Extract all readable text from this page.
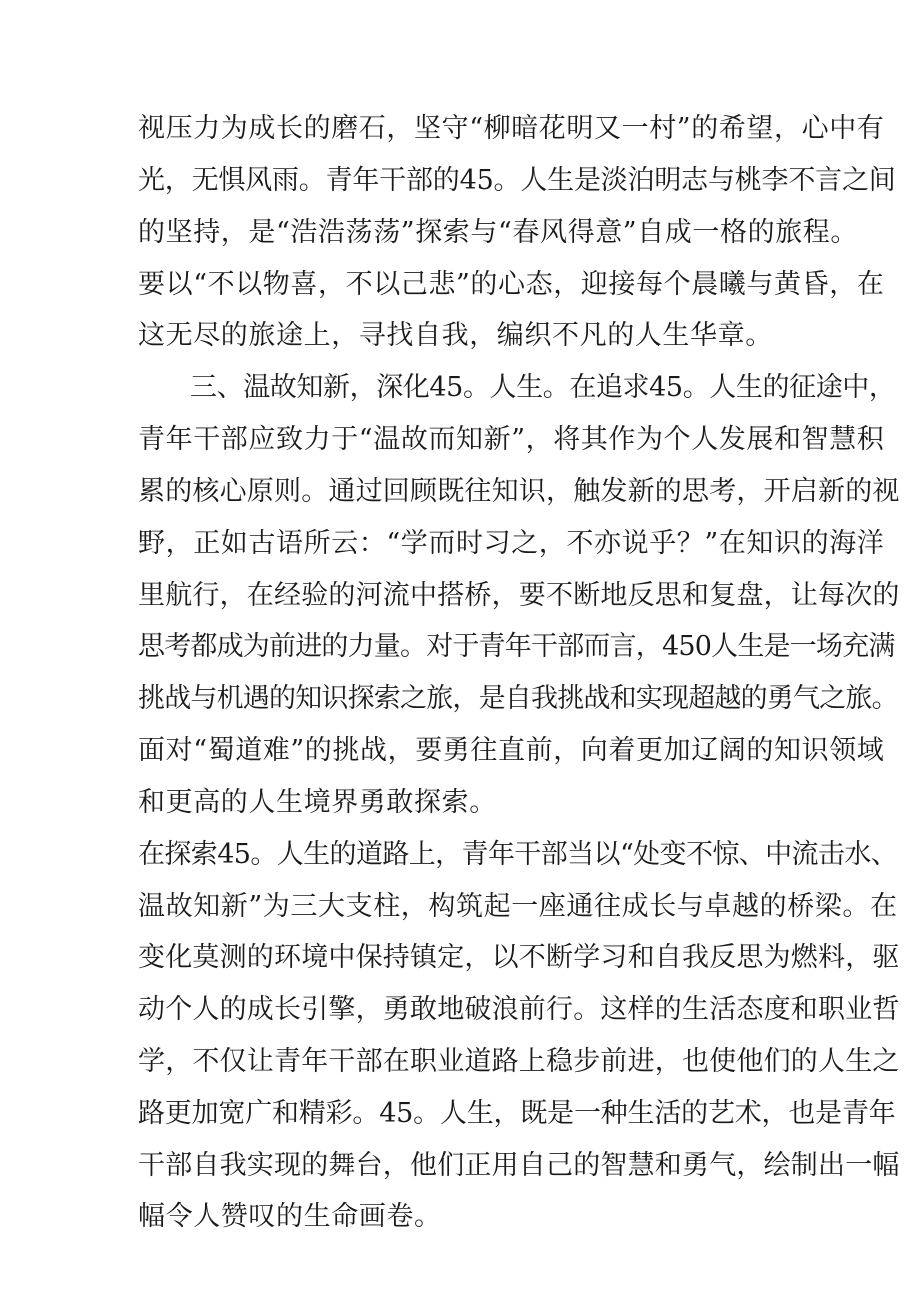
视压力为成长的磨石，坚守“柳暗花明又一村”的希望，心中有
光，无惧风雨。青年干部的45。人生是淡泊明志与桃李不言之间
的坚持，是“浩浩荡荡”探索与“春风得意”自成一格的旅程。
要以“不以物喜，不以己悲”的心态，迎接每个晨曦与黄昏，在
这无尽的旅途上，寻找自我，编织不凡的人生华章。
三、温故知新，深化45。人生。在追求45。人生的征途中，
青年干部应致力于“温故而知新”，将其作为个人发展和智慧积
累的核心原则。通过回顾既往知识，触发新的思考，开启新的视
野，正如古语所云：“学而时习之，不亦说乎？”在知识的海洋
里航行，在经验的河流中搭桥，要不断地反思和复盘，让每次的
思考都成为前进的力量。对于青年干部而言，450人生是一场充满
挑战与机遇的知识探索之旅，是自我挑战和实现超越的勇气之旅。
面对“蜀道难”的挑战，要勇往直前，向着更加辽阔的知识领域
和更高的人生境界勇敢探索。
在探索45。人生的道路上，青年干部当以“处变不惊、中流击水、
温故知新”为三大支柱，构筑起一座通往成长与卓越的桥梁。在
变化莫测的环境中保持镇定，以不断学习和自我反思为燃料，驱
动个人的成长引擎，勇敢地破浪前行。这样的生活态度和职业哲
学，不仅让青年干部在职业道路上稳步前进，也使他们的人生之
路更加宽广和精彩。45。人生，既是一种生活的艺术，也是青年
干部自我实现的舞台，他们正用自己的智慧和勇气，绘制出一幅
幅令人赞叹的生命画卷。
